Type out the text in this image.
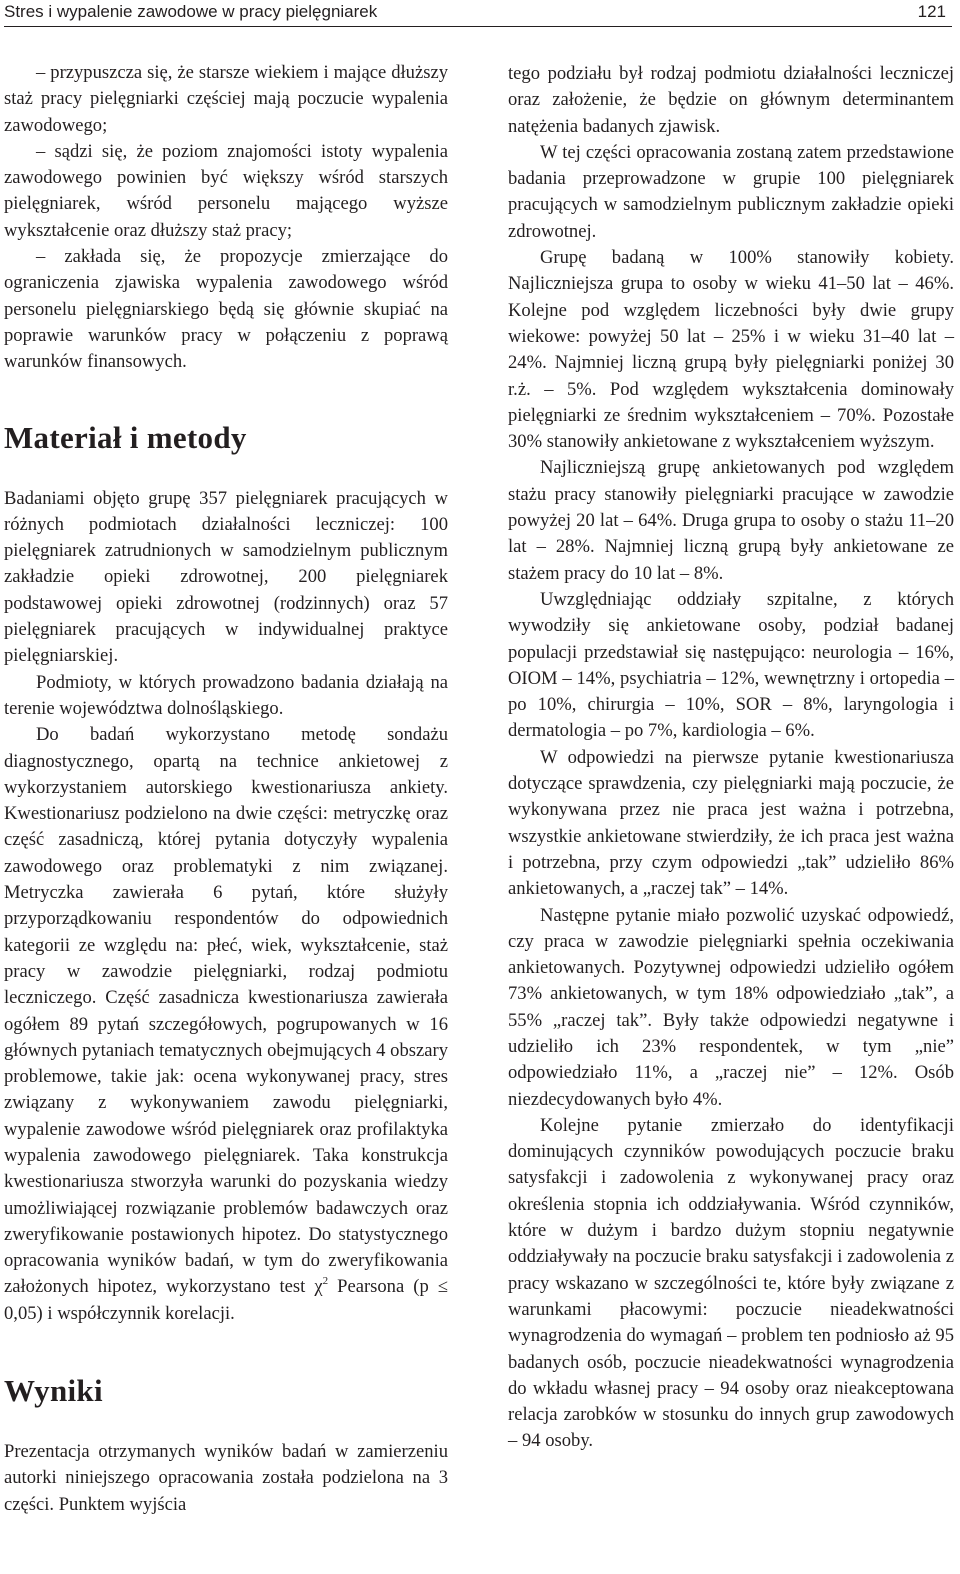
Stres i wypalenie zawodowe w pracy pielęgniarek	121

– przypuszcza się, że starsze wiekiem i mające dłuższy staż pracy pielęgniarki częściej mają poczucie wypalenia zawodowego;

– sądzi się, że poziom znajomości istoty wypalenia zawodowego powinien być większy wśród starszych pielęgniarek, wśród personelu mającego wyższe wykształcenie oraz dłuższy staż pracy;

– zakłada się, że propozycje zmierzające do ograniczenia zjawiska wypalenia zawodowego wśród personelu pielęgniarskiego będą się głównie skupiać na poprawie warunków pracy w połączeniu z poprawą warunków finansowych.

Materiał i metody

Badaniami objęto grupę 357 pielęgniarek pracujących w różnych podmiotach działalności leczniczej: 100 pielęgniarek zatrudnionych w samodzielnym publicznym zakładzie opieki zdrowotnej, 200 pielęgniarek podstawowej opieki zdrowotnej (rodzinnych) oraz 57 pielęgniarek pracujących w indywidualnej praktyce pielęgniarskiej.

Podmioty, w których prowadzono badania działają na terenie województwa dolnośląskiego.

Do badań wykorzystano metodę sondażu diagnostycznego, opartą na technice ankietowej z wykorzystaniem autorskiego kwestionariusza ankiety. Kwestionariusz podzielono na dwie części: metryczkę oraz część zasadniczą, której pytania dotyczyły wypalenia zawodowego oraz problematyki z nim związanej. Metryczka zawierała 6 pytań, które służyły przyporządkowaniu respondentów do odpowiednich kategorii ze względu na: płeć, wiek, wykształcenie, staż pracy w zawodzie pielęgniarki, rodzaj podmiotu leczniczego. Część zasadnicza kwestionariusza zawierała ogółem 89 pytań szczegółowych, pogrupowanych w 16 głównych pytaniach tematycznych obejmujących 4 obszary problemowe, takie jak: ocena wykonywanej pracy, stres związany z wykonywaniem zawodu pielęgniarki, wypalenie zawodowe wśród pielęgniarek oraz profilaktyka wypalenia zawodowego pielęgniarek. Taka konstrukcja kwestionariusza stworzyła warunki do pozyskania wiedzy umożliwiającej rozwiązanie problemów badawczych oraz zweryfikowanie postawionych hipotez. Do statystycznego opracowania wyników badań, w tym do zweryfikowania założonych hipotez, wykorzystano test $\chi^2$ Pearsona (p ≤ 0,05) i współczynnik korelacji.

Wyniki

Prezentacja otrzymanych wyników badań w zamierzeniu autorki niniejszego opracowania została podzielona na 3 części. Punktem wyjścia

tego podziału był rodzaj podmiotu działalności leczniczej oraz założenie, że będzie on głównym determinantem natężenia badanych zjawisk.

W tej części opracowania zostaną zatem przedstawione badania przeprowadzone w grupie 100 pielęgniarek pracujących w samodzielnym publicznym zakładzie opieki zdrowotnej.

Grupę badaną w 100% stanowiły kobiety. Najliczniejsza grupa to osoby w wieku 41–50 lat – 46%. Kolejne pod względem liczebności były dwie grupy wiekowe: powyżej 50 lat – 25% i w wieku 31–40 lat – 24%. Najmniej liczną grupą były pielęgniarki poniżej 30 r.ż. – 5%. Pod względem wykształcenia dominowały pielęgniarki ze średnim wykształceniem – 70%. Pozostałe 30% stanowiły ankietowane z wykształceniem wyższym.

Najliczniejszą grupę ankietowanych pod względem stażu pracy stanowiły pielęgniarki pracujące w zawodzie powyżej 20 lat – 64%. Druga grupa to osoby o stażu 11–20 lat – 28%. Najmniej liczną grupą były ankietowane ze stażem pracy do 10 lat – 8%.

Uwzględniając oddziały szpitalne, z których wywodziły się ankietowane osoby, podział badanej populacji przedstawiał się następująco: neurologia – 16%, OIOM – 14%, psychiatria – 12%, wewnętrzny i ortopedia – po 10%, chirurgia – 10%, SOR – 8%, laryngologia i dermatologia – po 7%, kardiologia – 6%.

W odpowiedzi na pierwsze pytanie kwestionariusza dotyczące sprawdzenia, czy pielęgniarki mają poczucie, że wykonywana przez nie praca jest ważna i potrzebna, wszystkie ankietowane stwierdziły, że ich praca jest ważna i potrzebna, przy czym odpowiedzi „tak” udzieliło 86% ankietowanych, a „raczej tak” – 14%.

Następne pytanie miało pozwolić uzyskać odpowiedź, czy praca w zawodzie pielęgniarki spełnia oczekiwania ankietowanych. Pozytywnej odpowiedzi udzieliło ogółem 73% ankietowanych, w tym 18% odpowiedziało „tak”, a 55% „raczej tak”. Były także odpowiedzi negatywne i udzieliło ich 23% respondentek, w tym „nie” odpowiedziało 11%, a „raczej nie” – 12%. Osób niezdecydowanych było 4%.

Kolejne pytanie zmierzało do identyfikacji dominujących czynników powodujących poczucie braku satysfakcji i zadowolenia z wykonywanej pracy oraz określenia stopnia ich oddziaływania. Wśród czynników, które w dużym i bardzo dużym stopniu negatywnie oddziaływały na poczucie braku satysfakcji i zadowolenia z pracy wskazano w szczególności te, które były związane z warunkami płacowymi: poczucie nieadekwatności wynagrodzenia do wymagań – problem ten podniosło aż 95 badanych osób, poczucie nieadekwatności wynagrodzenia do wkładu własnej pracy – 94 osoby oraz nieakceptowana relacja zarobków w stosunku do innych grup zawodowych – 94 osoby.
